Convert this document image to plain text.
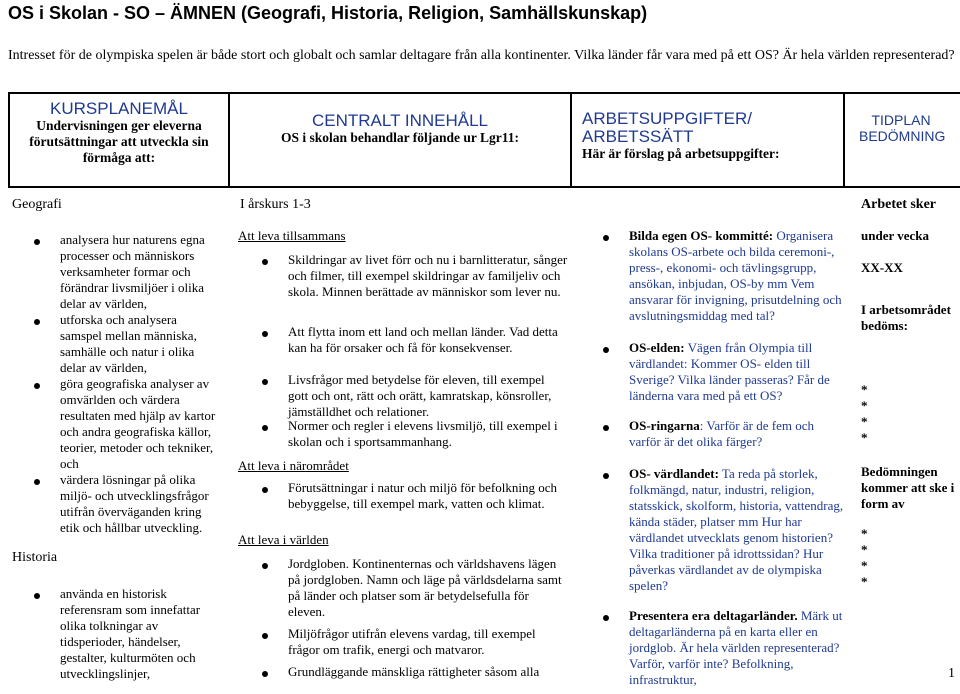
OS i Skolan - SO – ÄMNEN (Geografi, Historia, Religion, Samhällskunskap)
Intresset för de olympiska spelen är både stort och globalt och samlar deltagare från alla kontinenter. Vilka länder får vara med på ett OS? Är hela världen representerad?
KURSPLANEMÅL
Undervisningen ger eleverna förutsättningar att utveckla sin förmåga att:
CENTRALT INNEHÅLL
OS i skolan behandlar följande ur Lgr11:
ARBETSUPPGIFTER/
ARBETSSÄTT
Här är förslag på arbetsuppgifter:
TIDPLAN BEDÖMNING
Geografi	I årskurs 1-3	Arbetet sker
analysera hur naturens egna processer och människors verksamheter formar och förändrar livsmiljöer i olika delar av världen,
utforska och analysera samspel mellan människa, samhälle och natur i olika delar av världen,
göra geografiska analyser av omvärlden och värdera resultaten med hjälp av kartor och andra geografiska källor, teorier, metoder och tekniker, och
värdera lösningar på olika miljö- och utvecklingsfrågor utifrån överväganden kring etik och hållbar utveckling.
Historia
använda en historisk referensram som innefattar olika tolkningar av tidsperioder, händelser, gestalter, kulturmöten och utvecklingslinjer,
Att leva tillsammans
Skildringar av livet förr och nu i barnlitteratur, sånger och filmer, till exempel skildringar av familjeliv och skola. Minnen berättade av människor som lever nu.
Att flytta inom ett land och mellan länder. Vad detta kan ha för orsaker och få för konsekvenser.
Livsfrågor med betydelse för eleven, till exempel gott och ont, rätt och orätt, kamratskap, könsroller, jämställdhet och relationer.
Normer och regler i elevens livsmiljö, till exempel i skolan och i sportsammanhang.
Att leva i närområdet
Förutsättningar i natur och miljö för befolkning och bebyggelse, till exempel mark, vatten och klimat.
Att leva i världen
Jordgloben. Kontinenternas och världshavens lägen på jordgloben. Namn och läge på världsdelarna samt på länder och platser som är betydelsefulla för eleven.
Miljöfrågor utifrån elevens vardag, till exempel frågor om trafik, energi och matvaror.
Grundläggande mänskliga rättigheter såsom alla
Bilda egen OS- kommitté: Organisera skolans OS-arbete och bilda ceremoni-, press-, ekonomi- och tävlingsgrupp, ansökan, inbjudan, OS-by mm Vem ansvarar för invigning, prisutdelning och avslutningsmiddag med tal?
OS-elden: Vägen från Olympia till värdlandet: Kommer OS- elden till Sverige? Vilka länder passeras? Får de länderna vara med på ett OS?
OS-ringarna: Varför är de fem och varför är det olika färger?
OS- värdlandet: Ta reda på storlek, folkmängd, natur, industri, religion, statsskick, skolform, historia, vattendrag, kända städer, platser mm Hur har värdlandet utvecklats genom historien? Vilka traditioner på idrottssidan? Hur påverkas värdlandet av de olympiska spelen?
Presentera era deltagarländer. Märk ut deltagarländerna på en karta eller en jordglob. Är hela världen representerad? Varför, varför inte? Befolkning, infrastruktur,
under vecka
XX-XX
I arbetsområdet bedöms:
*
*
*
*
Bedömningen kommer att ske i form av
*
*
*
*
1
